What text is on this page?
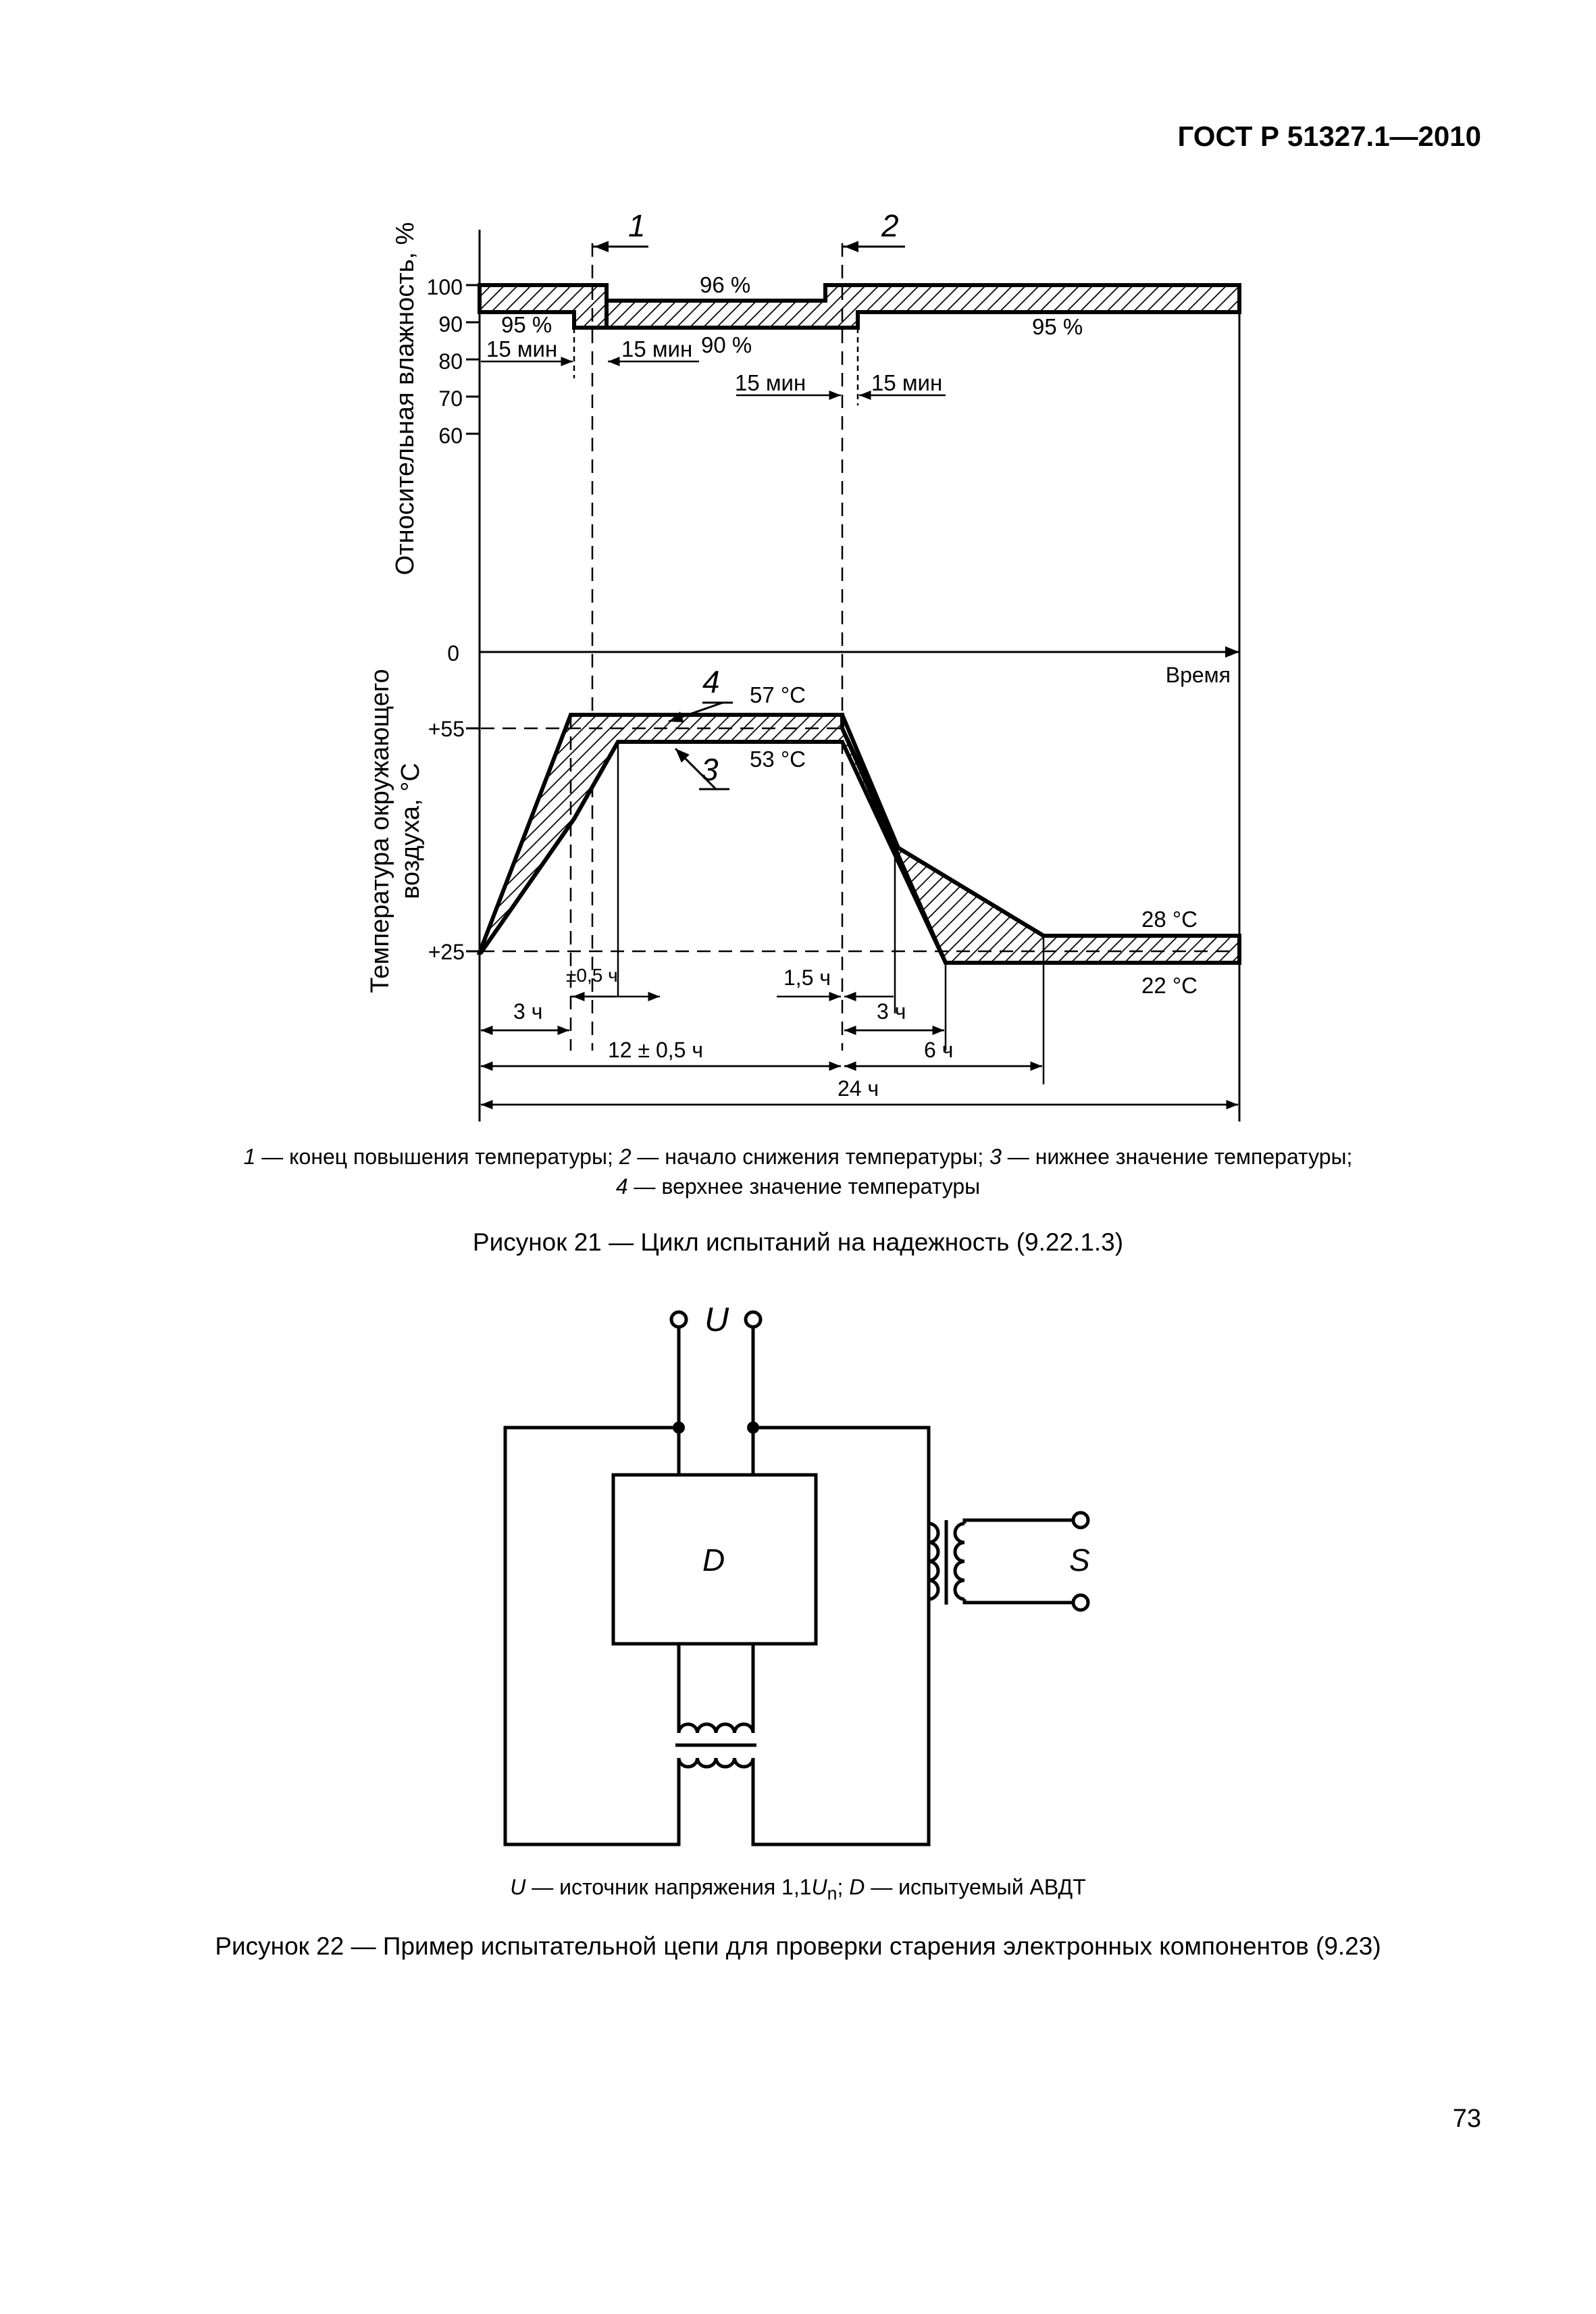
ГОСТ Р 51327.1—2010
Относительная влажность, %
Температура окружающего воздуха, °С
100
90
80
70
60
0
+55
+25
Время
1	2
95 %
96 %
90 %
95 %
15 мин	15 мин
15 мин	15 мин
4
3
57 °С
53 °С
28 °С
22 °С
±0,5 ч	1,5 ч
3 ч	3 ч
12 ± 0,5 ч	6 ч
24 ч
1 — конец повышения температуры; 2 — начало снижения температуры; 3 — нижнее значение температуры;
4 — верхнее значение температуры
Рисунок 21 — Цикл испытаний на надежность (9.22.1.3)
U
D	S
U — источник напряжения $1,1U_n$; D — испытуемый АВДТ
Рисунок 22 — Пример испытательной цепи для проверки старения электронных компонентов (9.23)
73
